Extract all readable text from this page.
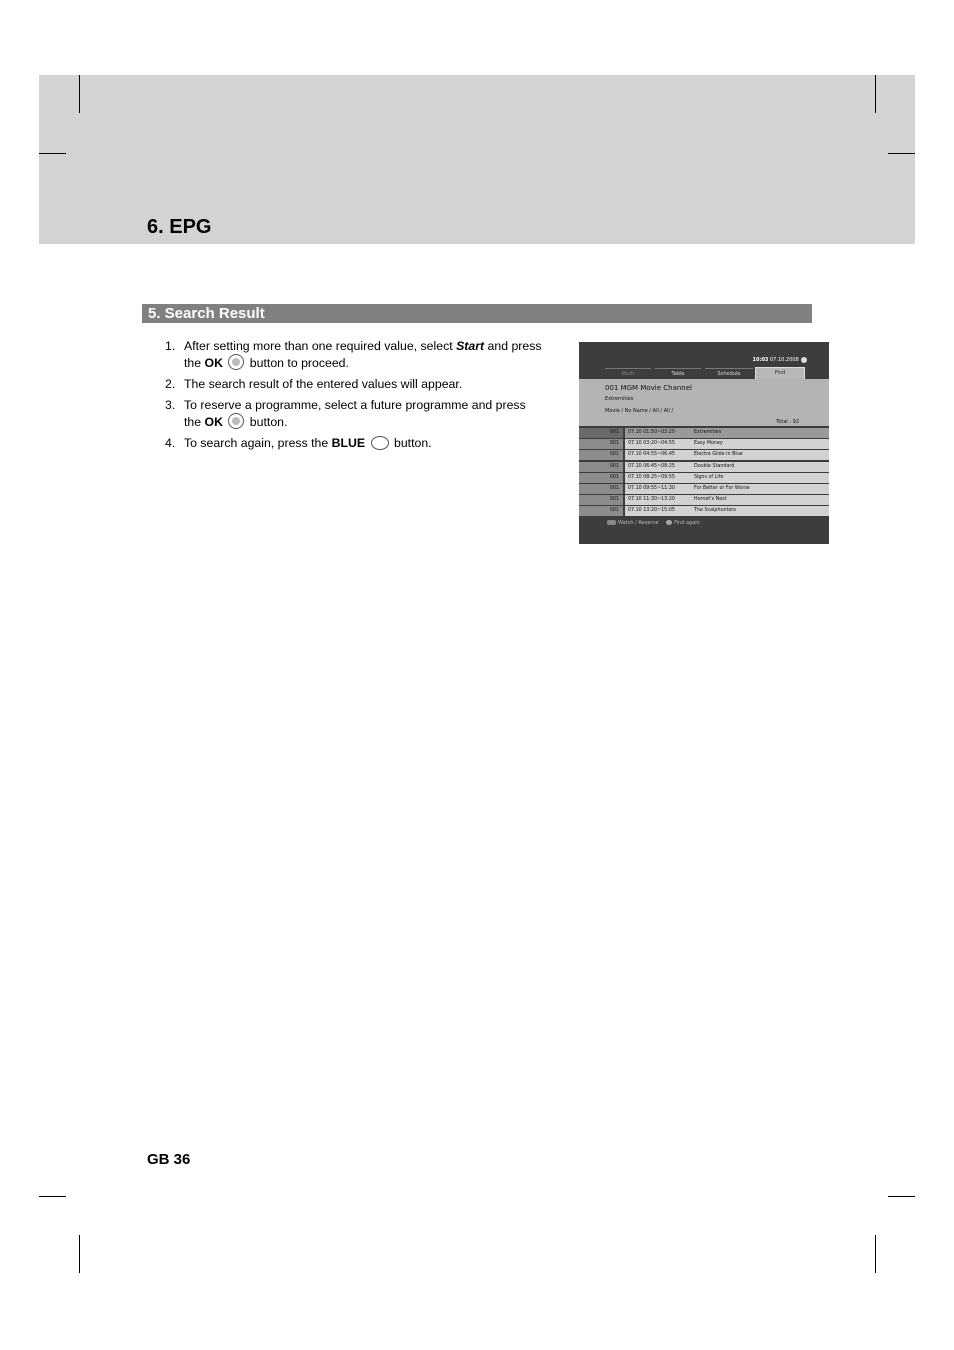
6. EPG
5. Search Result
1. After setting more than one required value, select Start and press the OK  button to proceed.
2. The search result of the entered values will appear.
3. To reserve a programme, select a future programme and press the OK  button.
4. To search again, press the BLUE  button.
10:03 07.10.2008
Multi	Table	Schedule	Find
001 MGM Movie Channel
Extremities
Movie / No Name / All / All /
Total : 92
001	07.10 01:50~03:20	Extremities
001	07.10 03:20~04:55	Easy Money
001	07.10 04:55~06:45	Electra Glide in Blue
001	07.10 06:45~08:25	Double Standard
001	07.10 08:25~09:55	Signs of Life
001	07.10 09:55~11:30	For Better or For Worse
001	07.10 11:30~13:20	Hornet's Nest
001	07.10 13:20~15:05	The Scalphunters
Watch / Reserve	Find again
GB 36
